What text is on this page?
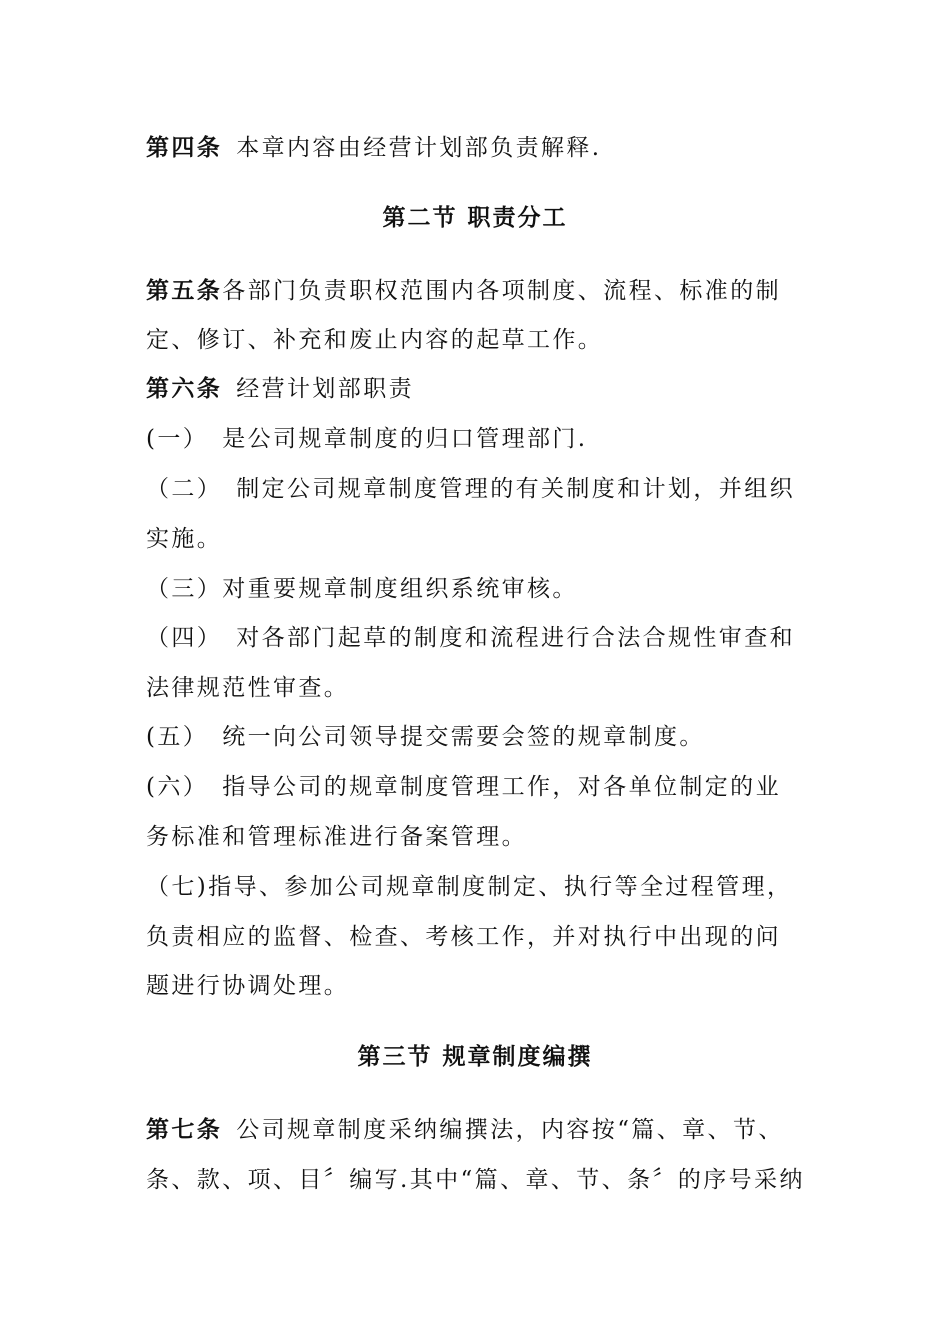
第四条 本章内容由经营计划部负责解释.
第二节 职责分工
第五条各部门负责职权范围内各项制度、流程、标准的制
定、修订、补充和废止内容的起草工作。
第六条 经营计划部职责
(一） 是公司规章制度的归口管理部门.
（二） 制定公司规章制度管理的有关制度和计划，并组织
实施。
（三）对重要规章制度组织系统审核。
（四） 对各部门起草的制度和流程进行合法合规性审查和
法律规范性审查。
(五） 统一向公司领导提交需要会签的规章制度。
(六） 指导公司的规章制度管理工作，对各单位制定的业
务标准和管理标准进行备案管理。
（七)指导、参加公司规章制度制定、执行等全过程管理，
负责相应的监督、检查、考核工作，并对执行中出现的问
题进行协调处理。
第三节 规章制度编撰
第七条 公司规章制度采纳编撰法，内容按“篇、章、节、
条、款、项、目〞编写.其中“篇、章、节、条〞的序号采纳
